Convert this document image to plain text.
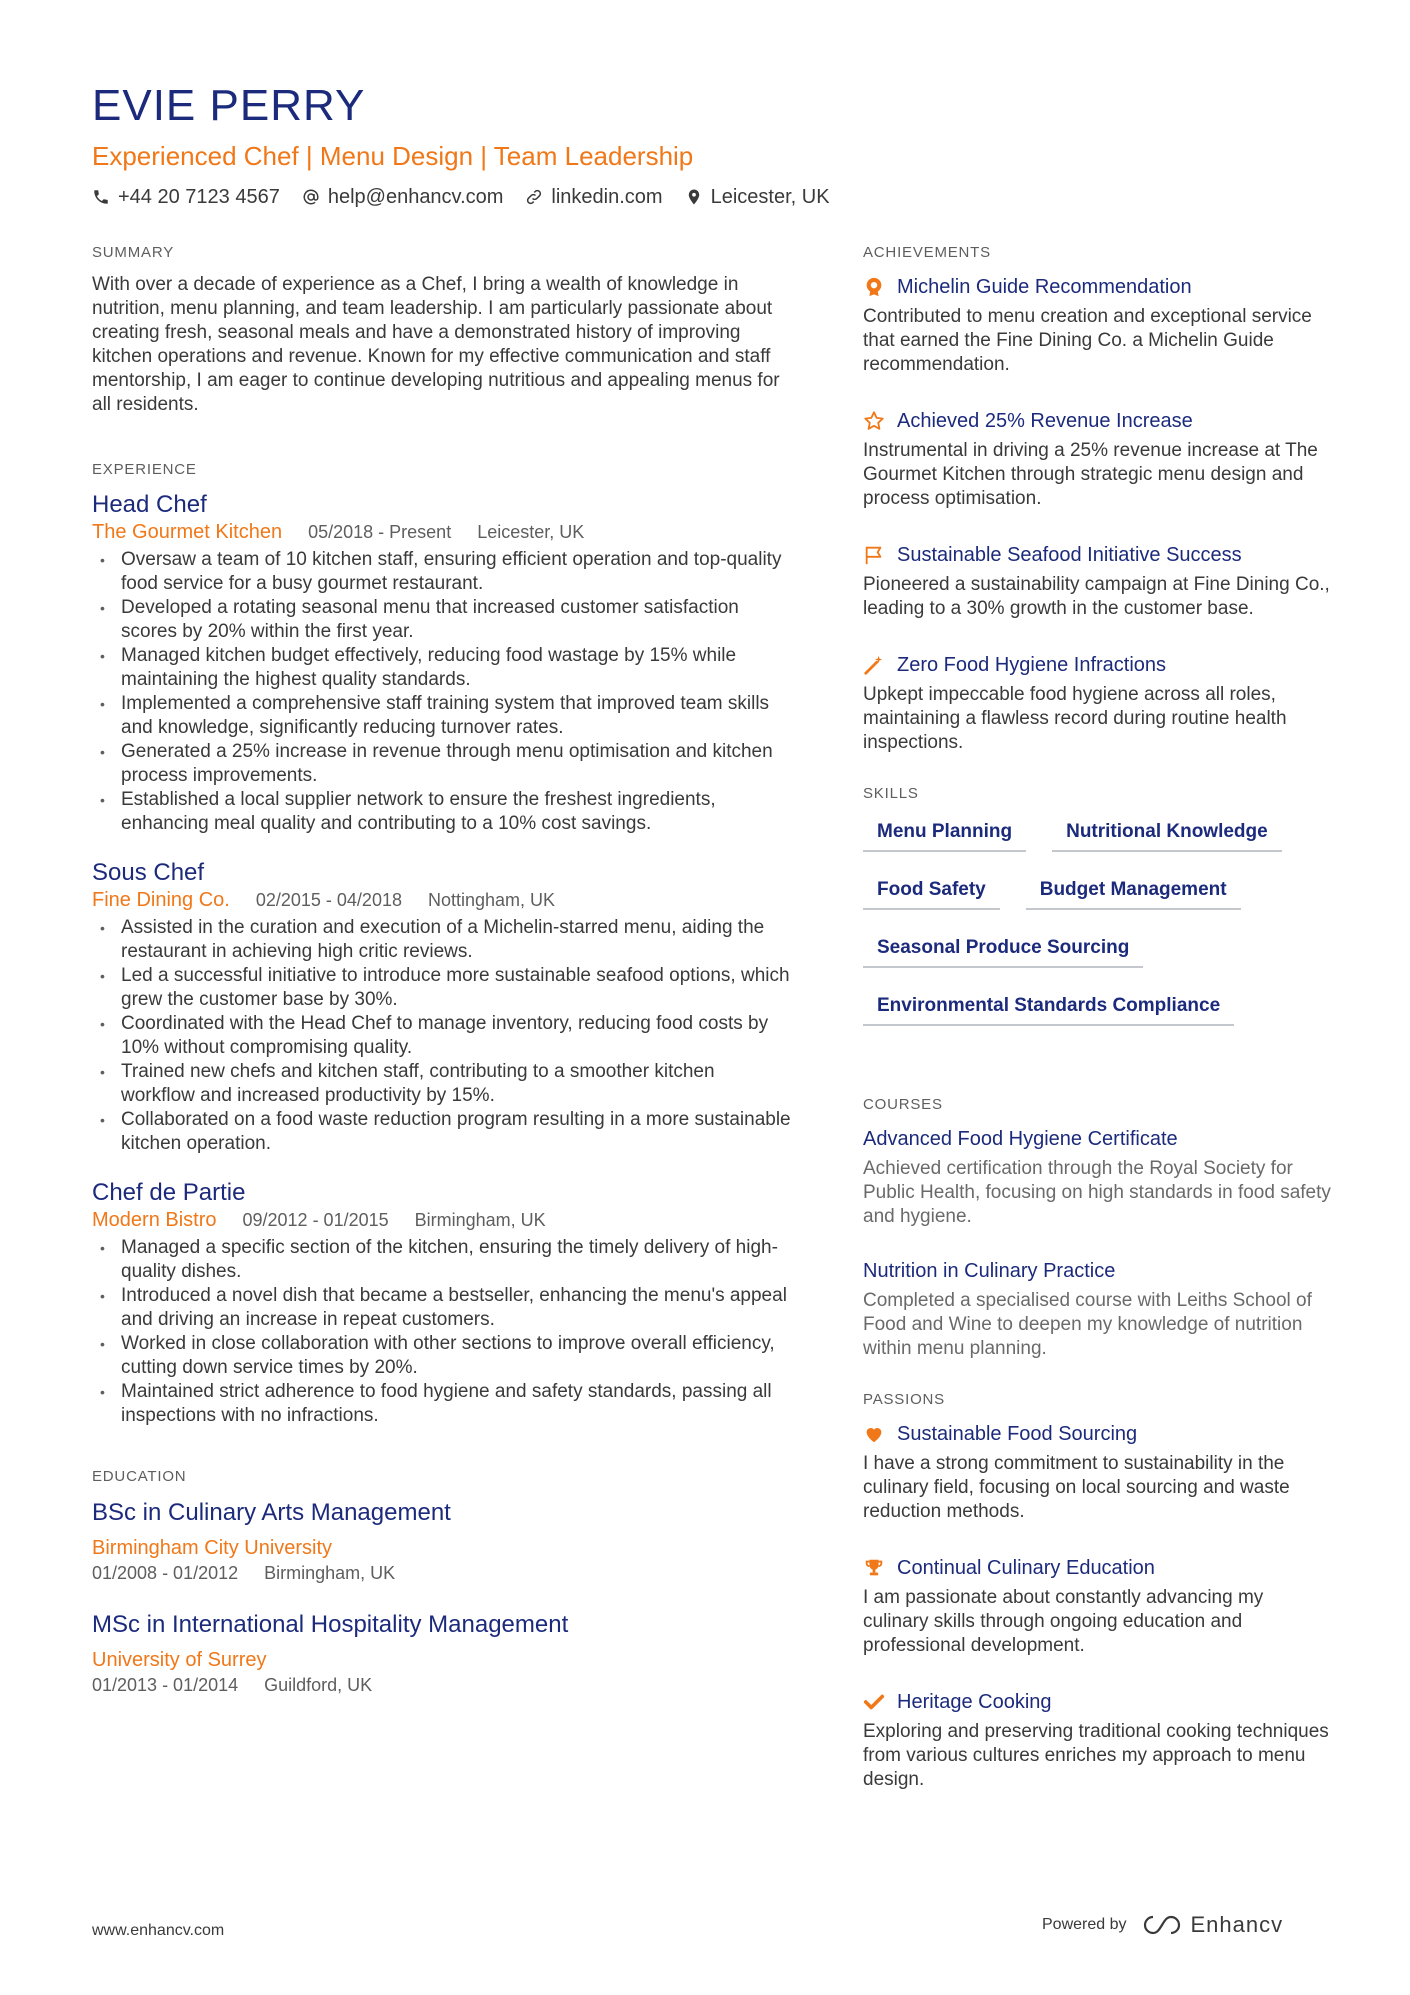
EVIE PERRY
Experienced Chef | Menu Design | Team Leadership
+44 20 7123 4567 help@enhancv.com linkedin.com Leicester, UK
SUMMARY
With over a decade of experience as a Chef, I bring a wealth of knowledge in nutrition, menu planning, and team leadership. I am particularly passionate about creating fresh, seasonal meals and have a demonstrated history of improving kitchen operations and revenue. Known for my effective communication and staff mentorship, I am eager to continue developing nutritious and appealing menus for all residents.
EXPERIENCE
Head Chef
The Gourmet Kitchen 05/2018 - Present Leicester, UK
• Oversaw a team of 10 kitchen staff, ensuring efficient operation and top-quality food service for a busy gourmet restaurant.
• Developed a rotating seasonal menu that increased customer satisfaction scores by 20% within the first year.
• Managed kitchen budget effectively, reducing food wastage by 15% while maintaining the highest quality standards.
• Implemented a comprehensive staff training system that improved team skills and knowledge, significantly reducing turnover rates.
• Generated a 25% increase in revenue through menu optimisation and kitchen process improvements.
• Established a local supplier network to ensure the freshest ingredients, enhancing meal quality and contributing to a 10% cost savings.
Sous Chef
Fine Dining Co. 02/2015 - 04/2018 Nottingham, UK
• Assisted in the curation and execution of a Michelin-starred menu, aiding the restaurant in achieving high critic reviews.
• Led a successful initiative to introduce more sustainable seafood options, which grew the customer base by 30%.
• Coordinated with the Head Chef to manage inventory, reducing food costs by 10% without compromising quality.
• Trained new chefs and kitchen staff, contributing to a smoother kitchen workflow and increased productivity by 15%.
• Collaborated on a food waste reduction program resulting in a more sustainable kitchen operation.
Chef de Partie
Modern Bistro 09/2012 - 01/2015 Birmingham, UK
• Managed a specific section of the kitchen, ensuring the timely delivery of high-quality dishes.
• Introduced a novel dish that became a bestseller, enhancing the menu's appeal and driving an increase in repeat customers.
• Worked in close collaboration with other sections to improve overall efficiency, cutting down service times by 20%.
• Maintained strict adherence to food hygiene and safety standards, passing all inspections with no infractions.
EDUCATION
BSc in Culinary Arts Management
Birmingham City University
01/2008 - 01/2012 Birmingham, UK
MSc in International Hospitality Management
University of Surrey
01/2013 - 01/2014 Guildford, UK
ACHIEVEMENTS
Michelin Guide Recommendation
Contributed to menu creation and exceptional service that earned the Fine Dining Co. a Michelin Guide recommendation.
Achieved 25% Revenue Increase
Instrumental in driving a 25% revenue increase at The Gourmet Kitchen through strategic menu design and process optimisation.
Sustainable Seafood Initiative Success
Pioneered a sustainability campaign at Fine Dining Co., leading to a 30% growth in the customer base.
Zero Food Hygiene Infractions
Upkept impeccable food hygiene across all roles, maintaining a flawless record during routine health inspections.
SKILLS
Menu Planning	Nutritional Knowledge
Food Safety	Budget Management
Seasonal Produce Sourcing
Environmental Standards Compliance
COURSES
Advanced Food Hygiene Certificate
Achieved certification through the Royal Society for Public Health, focusing on high standards in food safety and hygiene.
Nutrition in Culinary Practice
Completed a specialised course with Leiths School of Food and Wine to deepen my knowledge of nutrition within menu planning.
PASSIONS
Sustainable Food Sourcing
I have a strong commitment to sustainability in the culinary field, focusing on local sourcing and waste reduction methods.
Continual Culinary Education
I am passionate about constantly advancing my culinary skills through ongoing education and professional development.
Heritage Cooking
Exploring and preserving traditional cooking techniques from various cultures enriches my approach to menu design.
www.enhancv.com	Powered by	Enhancv
